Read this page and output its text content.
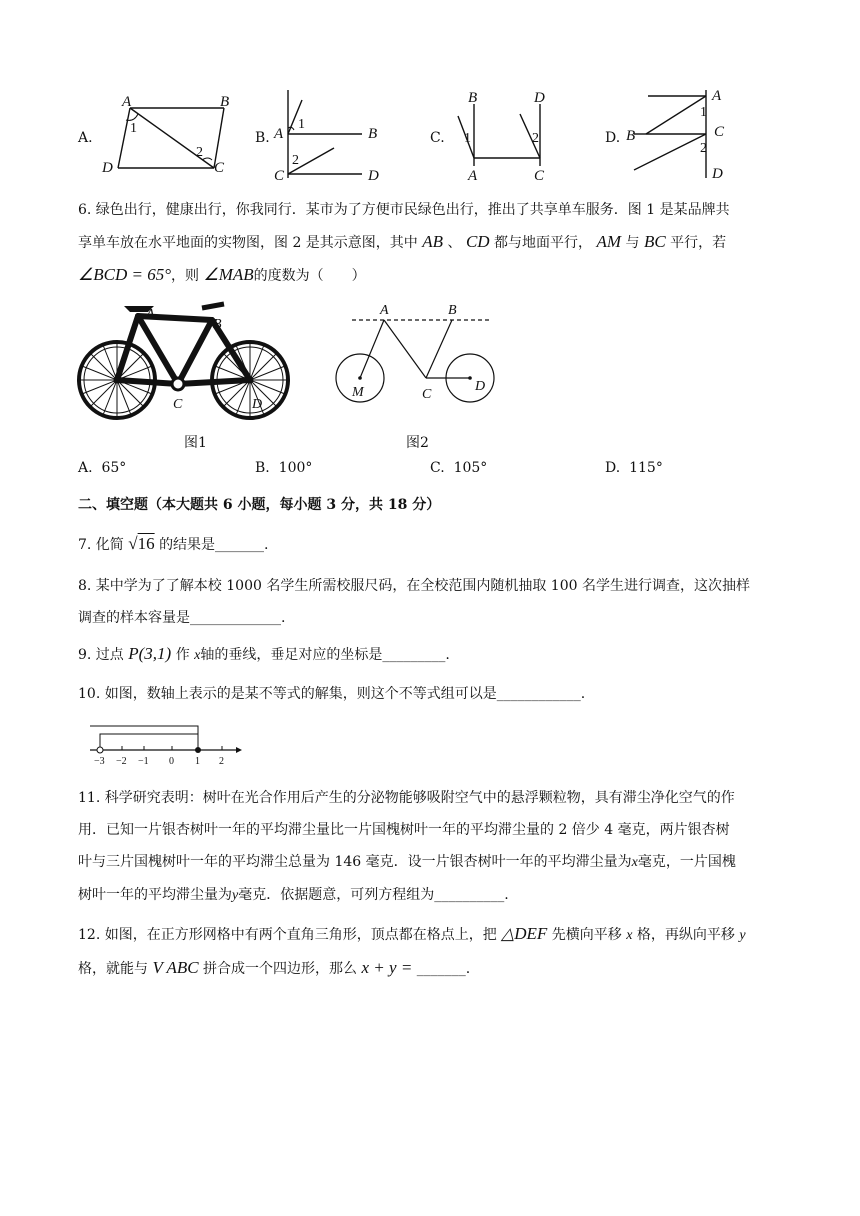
A.
A	B
D	C
1
2
B. A	B
C	D
1
2
C.
B	D
A	C
1	2	D.
A
B	C
D
1
2
6. 绿色出行，健康出行，你我同行．某市为了方便市民绿色出行，推出了共享单车服务．图 1 是某品牌共
享单车放在水平地面的实物图，图 2 是其示意图，其中 AB 、 CD 都与地面平行， AM 与 BC 平行，若
∠BCD = 65°，则 ∠MAB的度数为（　　）
A
B
C	D
图1
A	B
M	C
D
图2
A. 65°	B. 100°	C. 105°	D. 115°
二、填空题（本大题共 6 小题，每小题 3 分，共 18 分）
7. 化简 √16 的结果是_______.
8. 某中学为了了解本校 1000 名学生所需校服尺码，在全校范围内随机抽取 100 名学生进行调查，这次抽样
调查的样本容量是_____________.
9. 过点 P(3,1) 作 x轴的垂线，垂足对应的坐标是_________.
10. 如图，数轴上表示的是某不等式的解集，则这个不等式组可以是____________.
−3 −2 −1 0 1 2
11. 科学研究表明：树叶在光合作用后产生的分泌物能够吸附空气中的悬浮颗粒物，具有滞尘净化空气的作
用．已知一片银杏树叶一年的平均滞尘量比一片国槐树叶一年的平均滞尘量的 2 倍少 4 毫克，两片银杏树
叶与三片国槐树叶一年的平均滞尘总量为 146 毫克．设一片银杏树叶一年的平均滞尘量为x毫克，一片国槐
树叶一年的平均滞尘量为y毫克．依据题意，可列方程组为__________.
12. 如图，在正方形网格中有两个直角三角形，顶点都在格点上，把 △DEF 先横向平移 x 格，再纵向平移 y
格，就能与 V ABC 拼合成一个四边形，那么 x + y = _______.
